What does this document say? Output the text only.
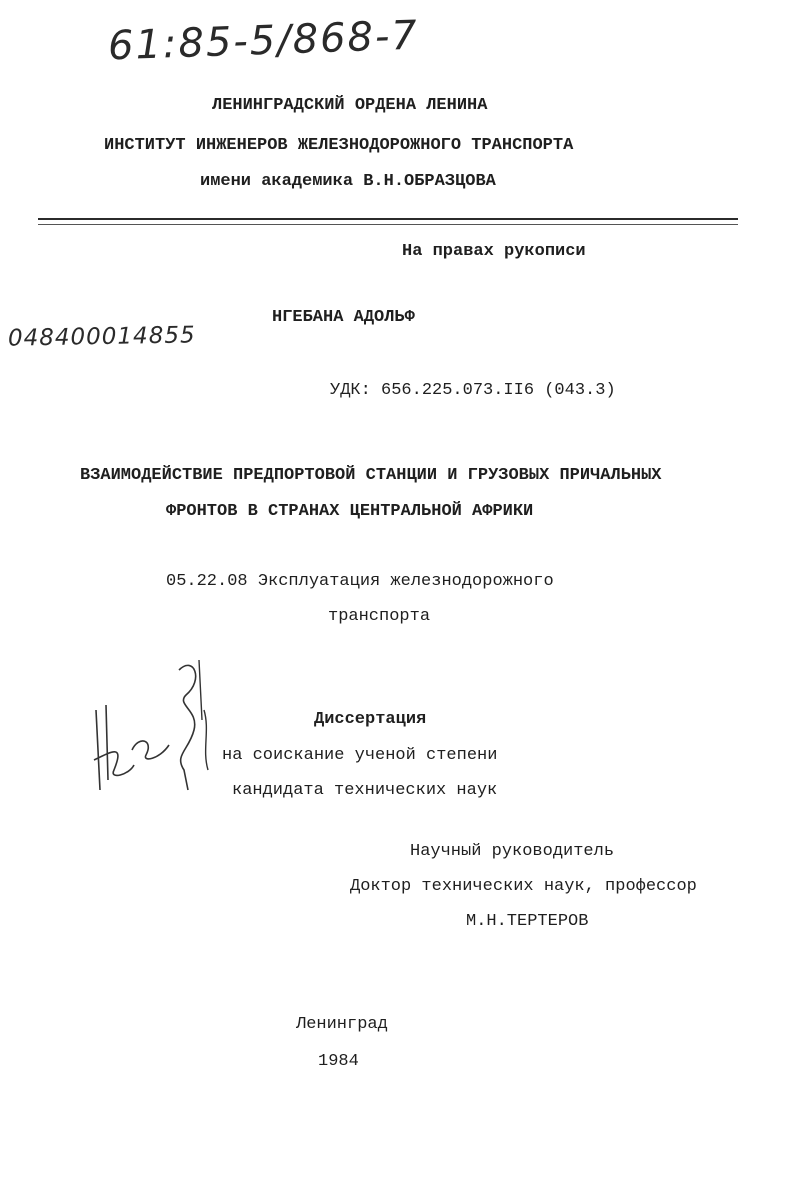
61:85-5/868-7
ЛЕНИНГРАДСКИЙ ОРДЕНА ЛЕНИНА
ИНСТИТУТ ИНЖЕНЕРОВ ЖЕЛЕЗНОДОРОЖНОГО ТРАНСПОРТА
имени академика В.Н.ОБРАЗЦОВА
На правах рукописи
048400014855
НГЕБАНА АДОЛЬФ
УДК: 656.225.073.II6 (043.3)
ВЗАИМОДЕЙСТВИЕ ПРЕДПОРТОВОЙ СТАНЦИИ И ГРУЗОВЫХ ПРИЧАЛЬНЫХ
ФРОНТОВ В СТРАНАХ ЦЕНТРАЛЬНОЙ АФРИКИ
05.22.08 Эксплуатация железнодорожного
транспорта
Диссертация
на соискание ученой степени
кандидата технических наук
Научный руководитель
Доктор технических наук, профессор
М.Н.ТЕРТЕРОВ
Ленинград
1984
